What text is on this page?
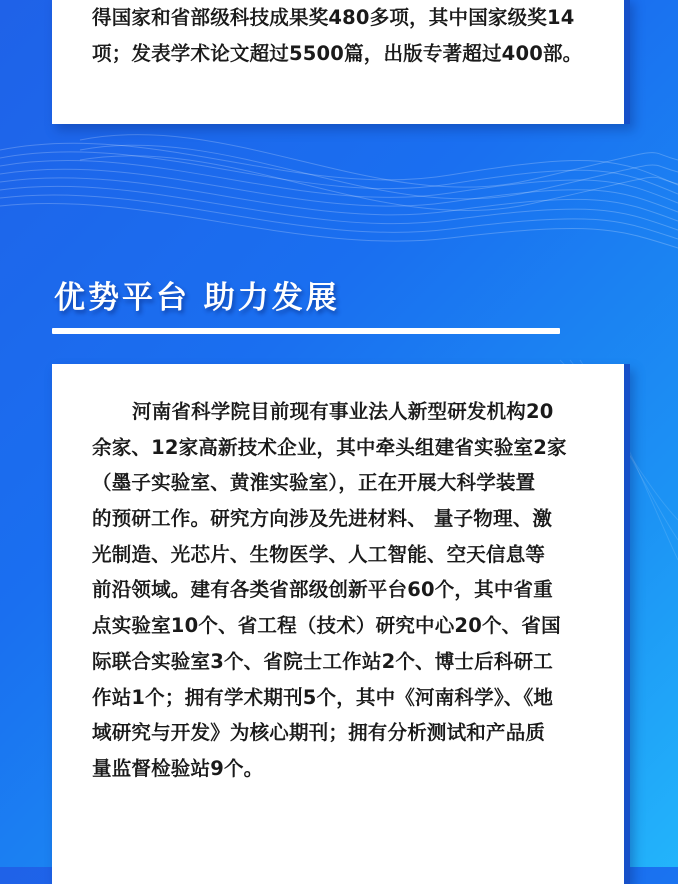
得国家和省部级科技成果奖480多项，其中国家级奖14
项；发表学术论文超过5500篇，出版专著超过400部。
优势平台 助力发展
河南省科学院目前现有事业法人新型研发机构20
余家、12家高新技术企业，其中牵头组建省实验室2家
（墨子实验室、黄淮实验室），正在开展大科学装置
的预研工作。研究方向涉及先进材料、 量子物理、激
光制造、光芯片、生物医学、人工智能、空天信息等
前沿领域。建有各类省部级创新平台60个，其中省重
点实验室10个、省工程（技术）研究中心20个、省国
际联合实验室3个、省院士工作站2个、博士后科研工
作站1个；拥有学术期刊5个，其中《河南科学》、《地
域研究与开发》为核心期刊；拥有分析测试和产品质
量监督检验站9个。
